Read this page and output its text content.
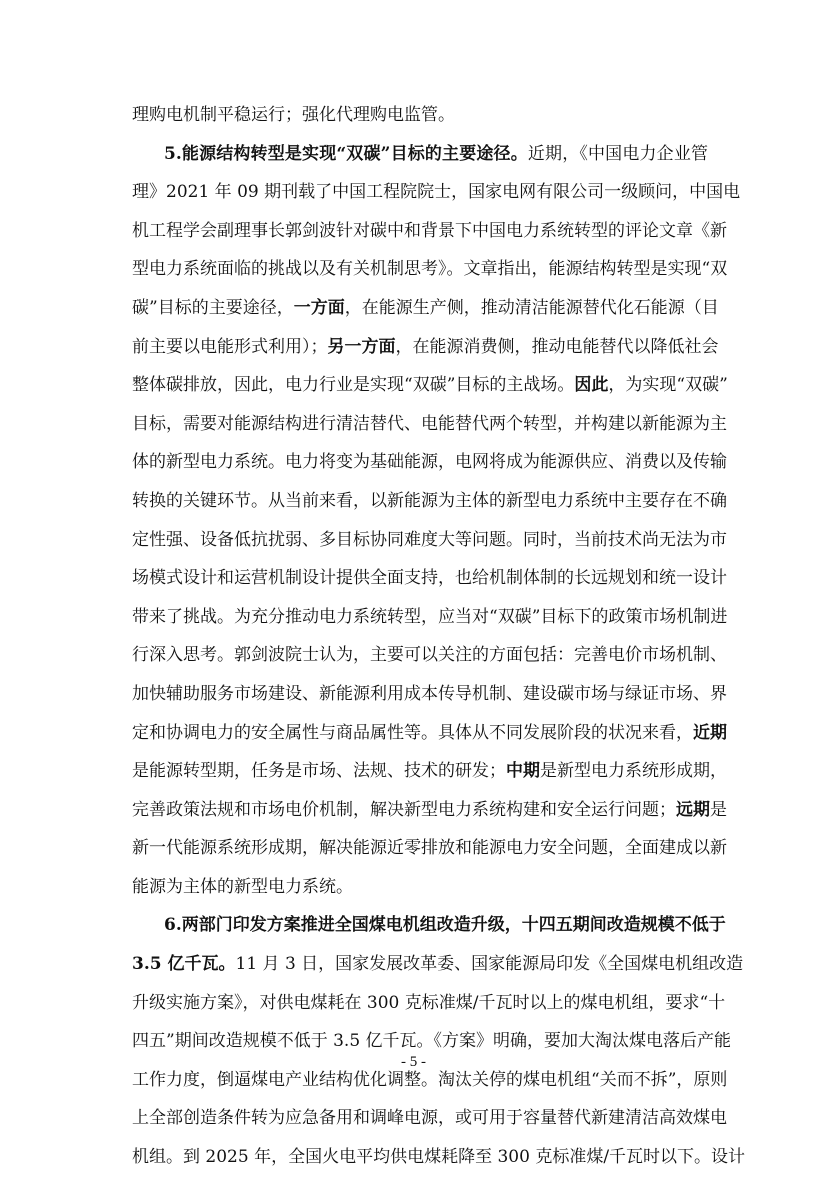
理购电机制平稳运行；强化代理购电监管。

5.能源结构转型是实现“双碳”目标的主要途径。近期，《中国电力企业管

理》2021 年 09 期刊载了中国工程院院士，国家电网有限公司一级顾问，中国电

机工程学会副理事长郭剑波针对碳中和背景下中国电力系统转型的评论文章《新

型电力系统面临的挑战以及有关机制思考》。文章指出，能源结构转型是实现“双

碳”目标的主要途径，一方面，在能源生产侧，推动清洁能源替代化石能源（目

前主要以电能形式利用）；另一方面，在能源消费侧，推动电能替代以降低社会

整体碳排放，因此，电力行业是实现“双碳”目标的主战场。因此，为实现“双碳”

目标，需要对能源结构进行清洁替代、电能替代两个转型，并构建以新能源为主

体的新型电力系统。电力将变为基础能源，电网将成为能源供应、消费以及传输

转换的关键环节。从当前来看，以新能源为主体的新型电力系统中主要存在不确

定性强、设备低抗扰弱、多目标协同难度大等问题。同时，当前技术尚无法为市

场模式设计和运营机制设计提供全面支持，也给机制体制的长远规划和统一设计

带来了挑战。为充分推动电力系统转型，应当对“双碳”目标下的政策市场机制进

行深入思考。郭剑波院士认为，主要可以关注的方面包括：完善电价市场机制、

加快辅助服务市场建设、新能源利用成本传导机制、建设碳市场与绿证市场、界

定和协调电力的安全属性与商品属性等。具体从不同发展阶段的状况来看，近期

是能源转型期，任务是市场、法规、技术的研发；中期是新型电力系统形成期，

完善政策法规和市场电价机制，解决新型电力系统构建和安全运行问题；远期是

新一代能源系统形成期，解决能源近零排放和能源电力安全问题，全面建成以新

能源为主体的新型电力系统。

6.两部门印发方案推进全国煤电机组改造升级，十四五期间改造规模不低于

3.5 亿千瓦。11 月 3 日，国家发展改革委、国家能源局印发《全国煤电机组改造

升级实施方案》，对供电煤耗在 300 克标准煤/千瓦时以上的煤电机组，要求“十

四五”期间改造规模不低于 3.5 亿千瓦。《方案》明确，要加大淘汰煤电落后产能

工作力度，倒逼煤电产业结构优化调整。淘汰关停的煤电机组“关而不拆”，原则

上全部创造条件转为应急备用和调峰电源，或可用于容量替代新建清洁高效煤电

机组。到 2025 年，全国火电平均供电煤耗降至 300 克标准煤/千瓦时以下。设计

- 5 -
